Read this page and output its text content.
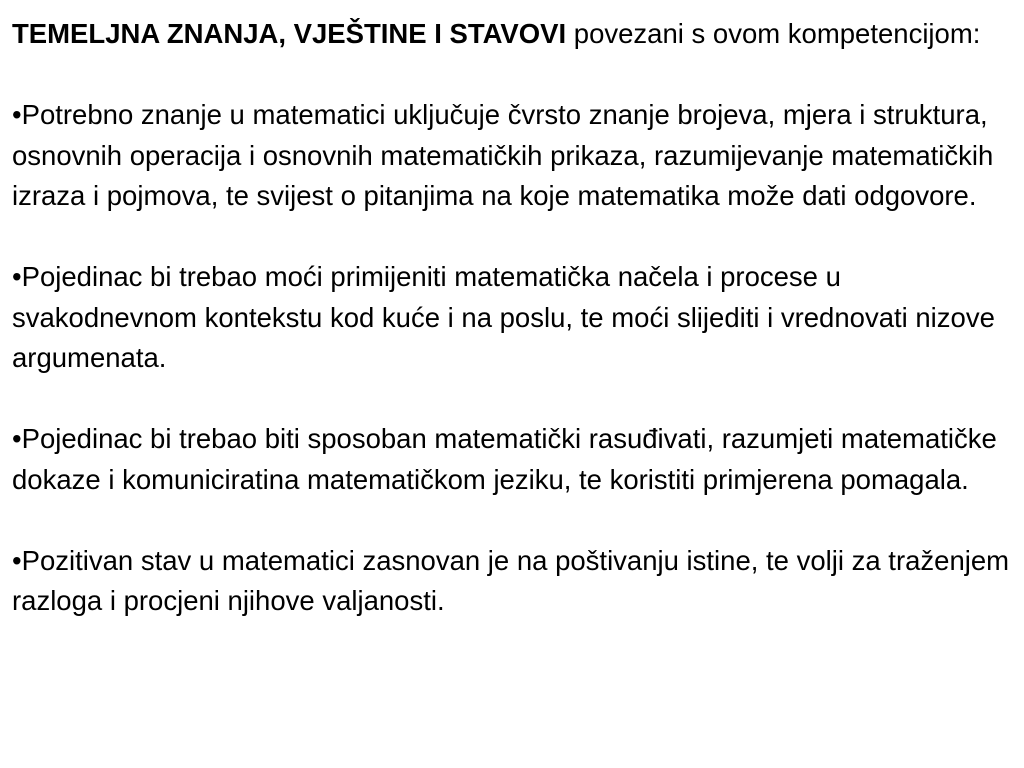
TEMELJNA ZNANJA, VJEŠTINE I STAVOVI povezani s ovom kompetencijom:

•Potrebno znanje u matematici uključuje čvrsto znanje brojeva, mjera i struktura, osnovnih operacija i osnovnih matematičkih prikaza, razumijevanje matematičkih izraza i pojmova, te svijest o pitanjima na koje matematika može dati odgovore.

•Pojedinac bi trebao moći primijeniti matematička načela i procese u svakodnevnom kontekstu kod kuće i na poslu, te moći slijediti i vrednovati nizove argumenata.

•Pojedinac bi trebao biti sposoban matematički rasuđivati, razumjeti matematičke dokaze i komuniciratina matematičkom jeziku, te koristiti primjerena pomagala.

•Pozitivan stav u matematici zasnovan je na poštivanju istine, te volji za traženjem razloga i procjeni njihove valjanosti.
